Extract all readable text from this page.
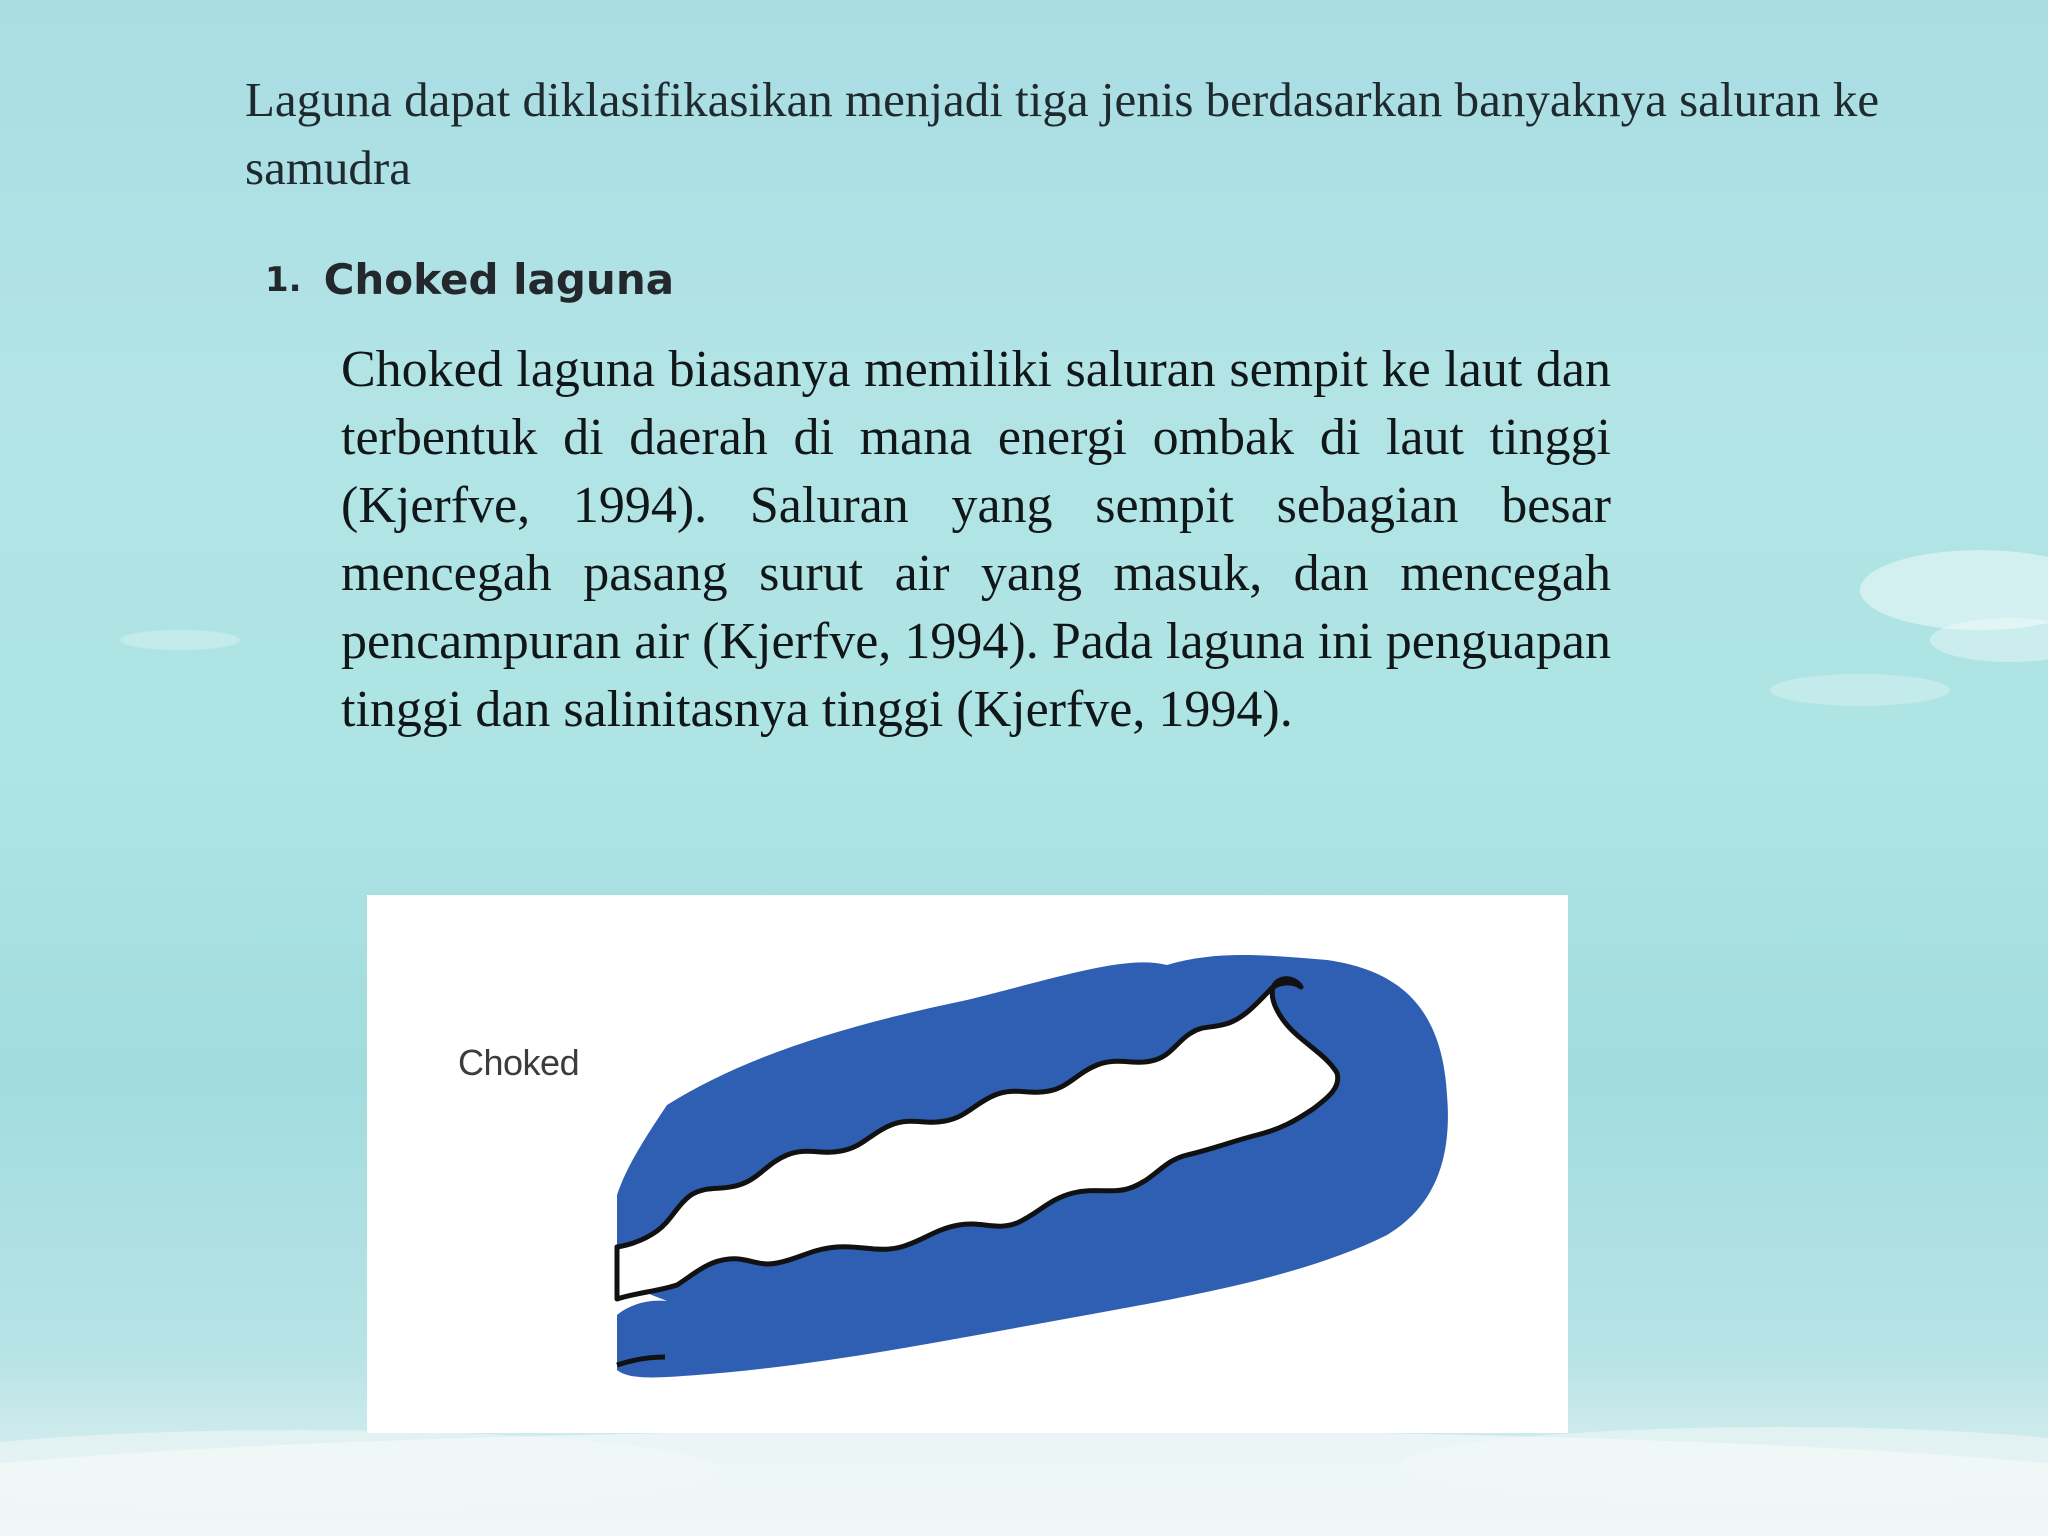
Laguna dapat diklasifikasikan menjadi tiga jenis berdasarkan banyaknya saluran ke samudra

1. Choked laguna

Choked laguna biasanya memiliki saluran sempit ke laut dan terbentuk di daerah di mana energi ombak di laut tinggi (Kjerfve, 1994). Saluran yang sempit sebagian besar mencegah pasang surut air yang masuk, dan mencegah pencampuran air (Kjerfve, 1994). Pada laguna ini penguapan tinggi dan salinitasnya tinggi (Kjerfve, 1994).

Choked
